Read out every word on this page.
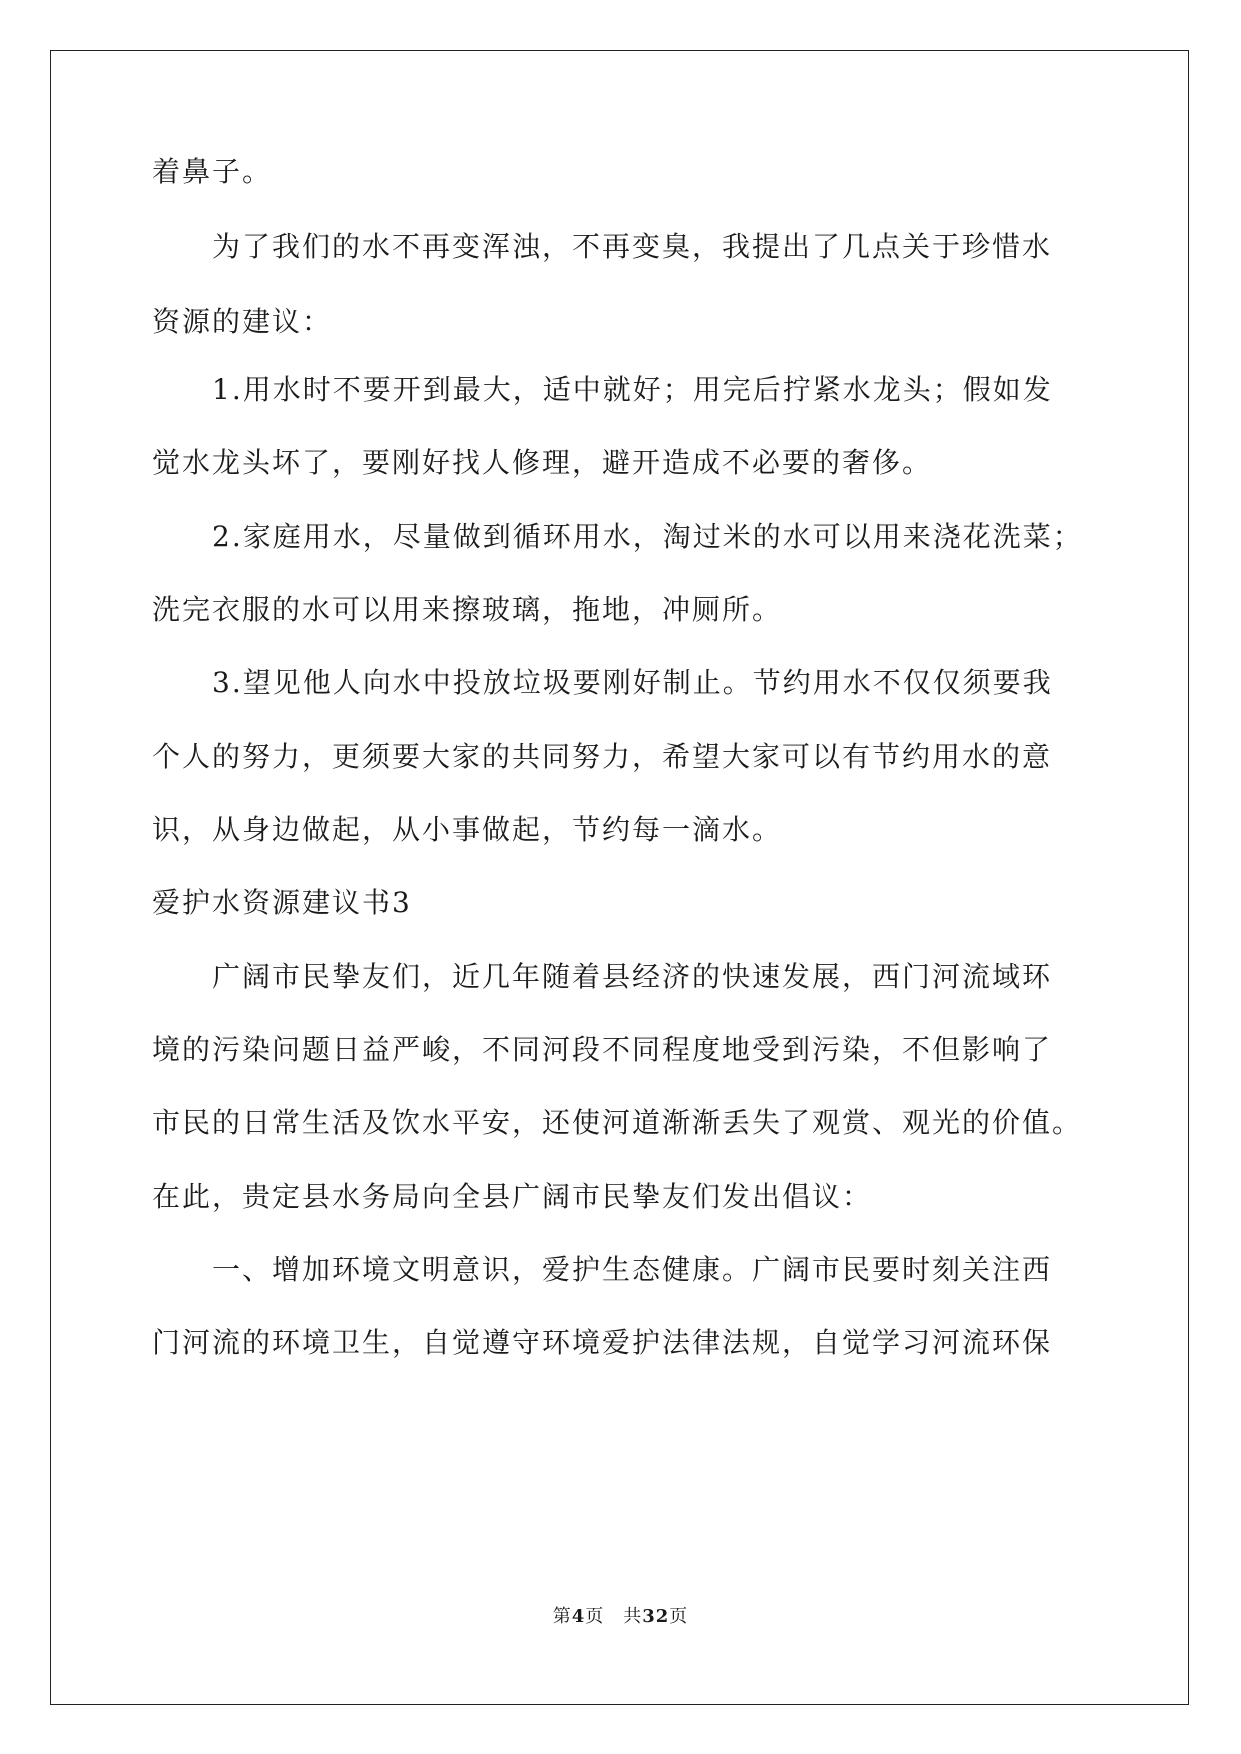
着鼻子。
为了我们的水不再变浑浊，不再变臭，我提出了几点关于珍惜水
资源的建议：
1.用水时不要开到最大，适中就好；用完后拧紧水龙头；假如发
觉水龙头坏了，要刚好找人修理，避开造成不必要的奢侈。
2.家庭用水，尽量做到循环用水，淘过米的水可以用来浇花洗菜；
洗完衣服的水可以用来擦玻璃，拖地，冲厕所。
3.望见他人向水中投放垃圾要刚好制止。节约用水不仅仅须要我
个人的努力，更须要大家的共同努力，希望大家可以有节约用水的意
识，从身边做起，从小事做起，节约每一滴水。
爱护水资源建议书3
广阔市民挚友们，近几年随着县经济的快速发展，西门河流域环
境的污染问题日益严峻，不同河段不同程度地受到污染，不但影响了
市民的日常生活及饮水平安，还使河道渐渐丢失了观赏、观光的价值。
在此，贵定县水务局向全县广阔市民挚友们发出倡议：
一、增加环境文明意识，爱护生态健康。广阔市民要时刻关注西
门河流的环境卫生，自觉遵守环境爱护法律法规，自觉学习河流环保
第4页　共32页
